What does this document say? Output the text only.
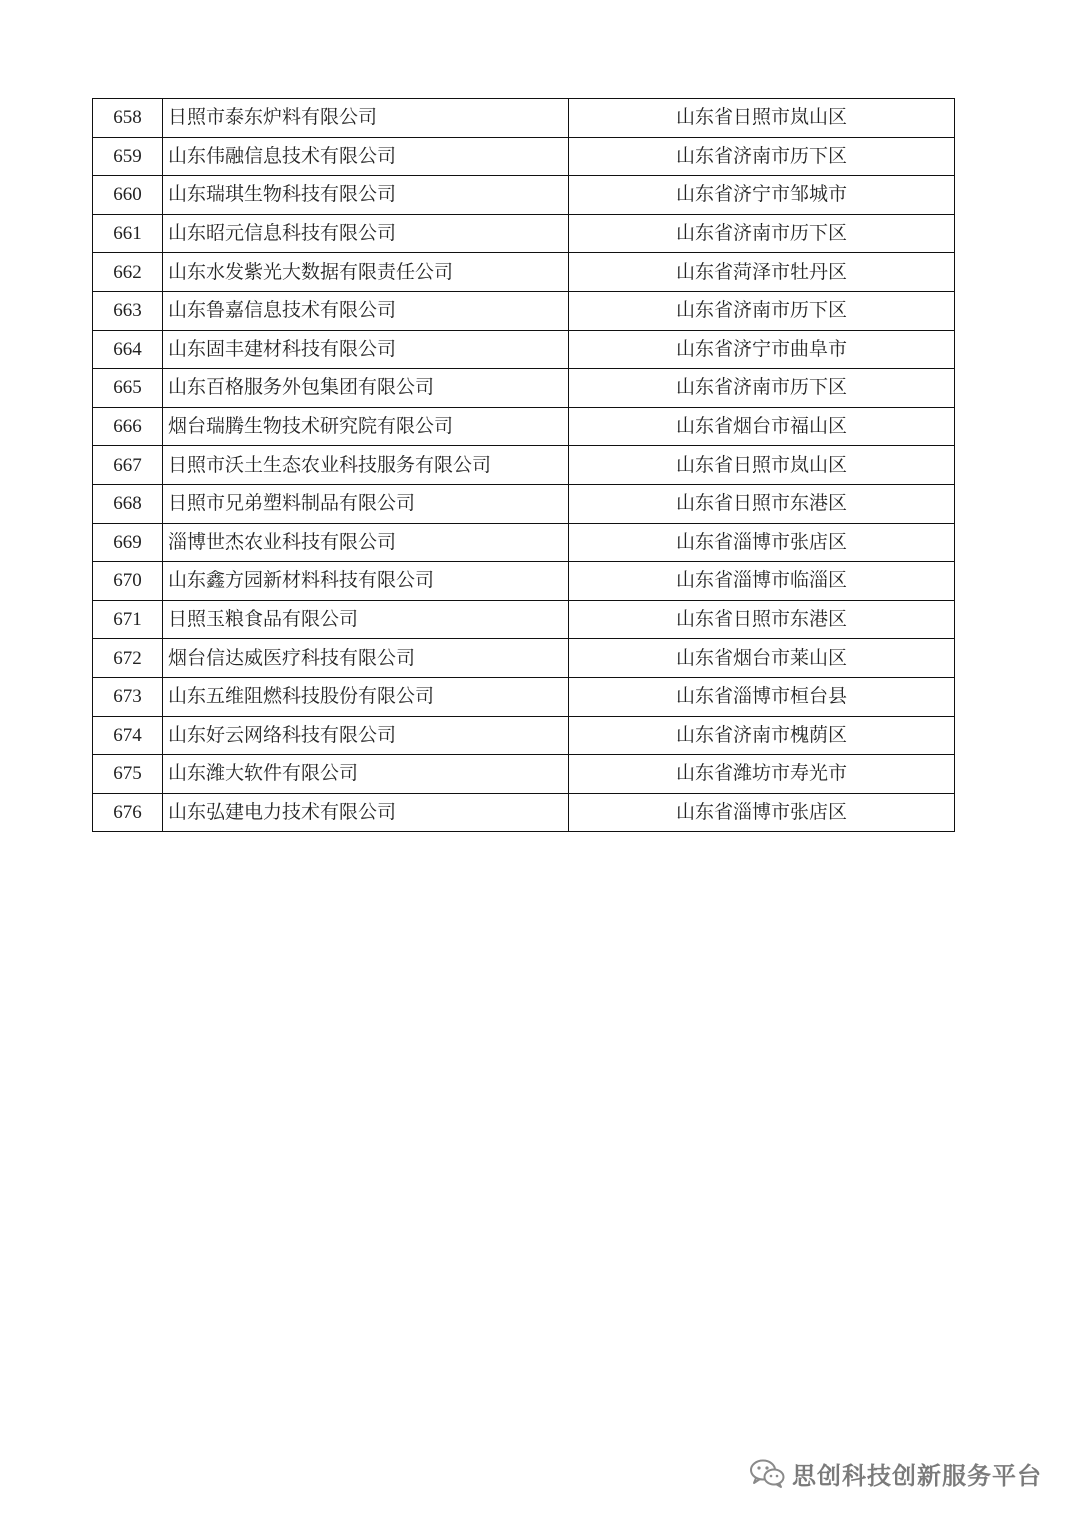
658	日照市泰东炉料有限公司	山东省日照市岚山区
659	山东伟融信息技术有限公司	山东省济南市历下区
660	山东瑞琪生物科技有限公司	山东省济宁市邹城市
661	山东昭元信息科技有限公司	山东省济南市历下区
662	山东水发紫光大数据有限责任公司	山东省菏泽市牡丹区
663	山东鲁嘉信息技术有限公司	山东省济南市历下区
664	山东固丰建材科技有限公司	山东省济宁市曲阜市
665	山东百格服务外包集团有限公司	山东省济南市历下区
666	烟台瑞腾生物技术研究院有限公司	山东省烟台市福山区
667	日照市沃土生态农业科技服务有限公司	山东省日照市岚山区
668	日照市兄弟塑料制品有限公司	山东省日照市东港区
669	淄博世杰农业科技有限公司	山东省淄博市张店区
670	山东鑫方园新材料科技有限公司	山东省淄博市临淄区
671	日照玉粮食品有限公司	山东省日照市东港区
672	烟台信达威医疗科技有限公司	山东省烟台市莱山区
673	山东五维阻燃科技股份有限公司	山东省淄博市桓台县
674	山东好云网络科技有限公司	山东省济南市槐荫区
675	山东潍大软件有限公司	山东省潍坊市寿光市
676	山东弘建电力技术有限公司	山东省淄博市张店区
思创科技创新服务平台
